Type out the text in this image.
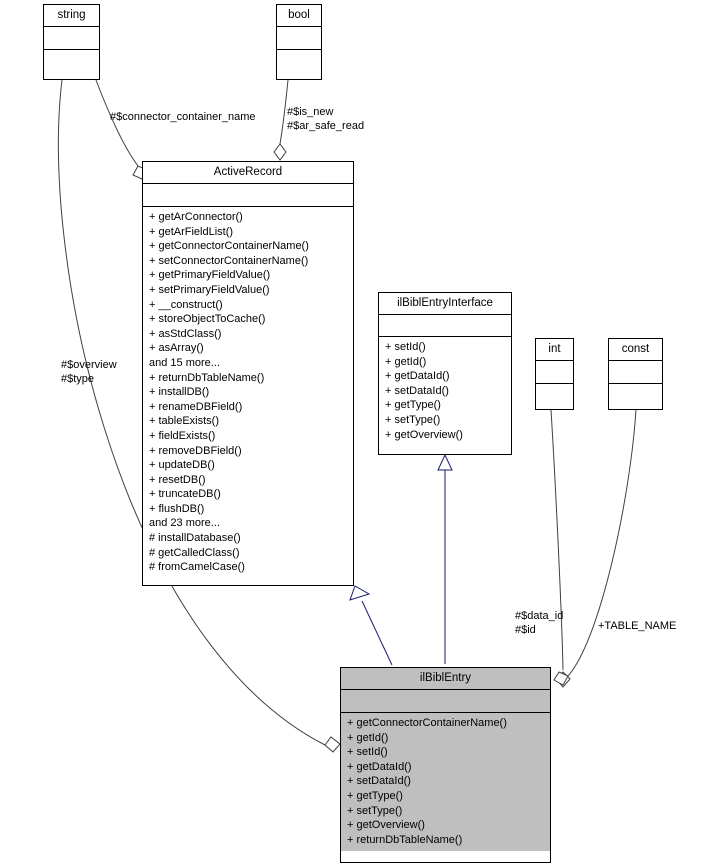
string	bool
ActiveRecord
+ getArConnector()
+ getArFieldList()
+ getConnectorContainerName()
+ setConnectorContainerName()
+ getPrimaryFieldValue()
+ setPrimaryFieldValue()
+ __construct()
+ storeObjectToCache()
+ asStdClass()
+ asArray()
and 15 more...
+ returnDbTableName()
+ installDB()
+ renameDBField()
+ tableExists()
+ fieldExists()
+ removeDBField()
+ updateDB()
+ resetDB()
+ truncateDB()
+ flushDB()
and 23 more...
# installDatabase()
# getCalledClass()
# fromCamelCase()
ilBiblEntryInterface
+ setId()
+ getId()
+ getDataId()
+ setDataId()
+ getType()
+ setType()
+ getOverview()
int	const
ilBiblEntry
+ getConnectorContainerName()
+ getId()
+ setId()
+ getDataId()
+ setDataId()
+ getType()
+ setType()
+ getOverview()
+ returnDbTableName()
#$connector_container_name	#$is_new
#$ar_safe_read
#$overview
#$type
#$data_id
#$id	+TABLE_NAME
